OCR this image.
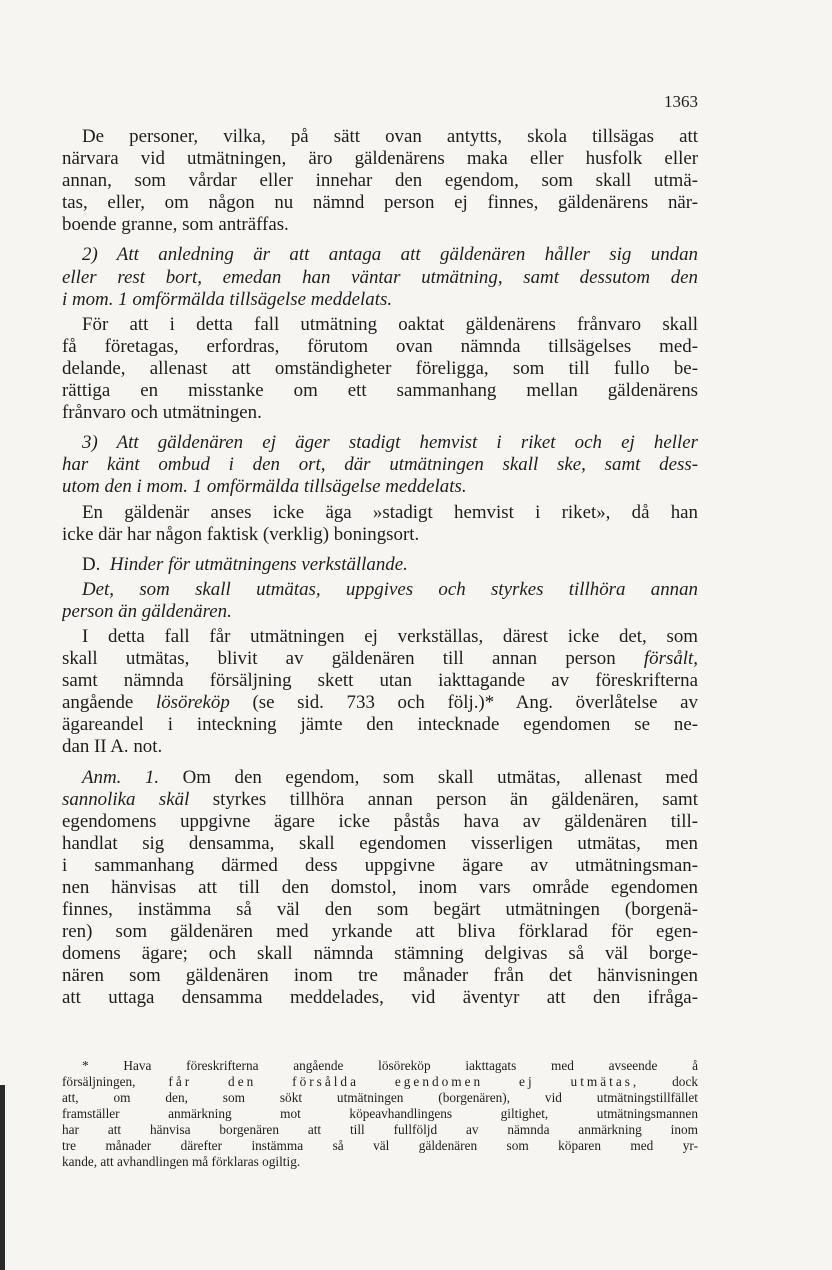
1363
De personer, vilka, på sätt ovan antytts, skola tillsägas att
närvara vid utmätningen, äro gäldenärens maka eller husfolk eller
annan, som vårdar eller innehar den egendom, som skall utmä-
tas, eller, om någon nu nämnd person ej finnes, gäldenärens när-
boende granne, som anträffas.
2) Att anledning är att antaga att gäldenären håller sig undan
eller rest bort, emedan han väntar utmätning, samt dessutom den
i mom. 1 omförmälda tillsägelse meddelats.
För att i detta fall utmätning oaktat gäldenärens frånvaro skall
få företagas, erfordras, förutom ovan nämnda tillsägelses med-
delande, allenast att omständigheter föreligga, som till fullo be-
rättiga en misstanke om ett sammanhang mellan gäldenärens
frånvaro och utmätningen.
3) Att gäldenären ej äger stadigt hemvist i riket och ej heller
har känt ombud i den ort, där utmätningen skall ske, samt dess-
utom den i mom. 1 omförmälda tillsägelse meddelats.
En gäldenär anses icke äga »stadigt hemvist i riket», då han
icke där har någon faktisk (verklig) boningsort.
D. Hinder för utmätningens verkställande.
Det, som skall utmätas, uppgives och styrkes tillhöra annan
person än gäldenären.
I detta fall får utmätningen ej verkställas, därest icke det, som
skall utmätas, blivit av gäldenären till annan person försålt,
samt nämnda försäljning skett utan iakttagande av föreskrifterna
angående lösöreköp (se sid. 733 och följ.)* Ang. överlåtelse av
ägareandel i inteckning jämte den intecknade egendomen se ne-
dan II A. not.
Anm. 1. Om den egendom, som skall utmätas, allenast med
sannolika skäl styrkes tillhöra annan person än gäldenären, samt
egendomens uppgivne ägare icke påstås hava av gäldenären till-
handlat sig densamma, skall egendomen visserligen utmätas, men
i sammanhang därmed dess uppgivne ägare av utmätningsman-
nen hänvisas att till den domstol, inom vars område egendomen
finnes, instämma så väl den som begärt utmätningen (borgenä-
ren) som gäldenären med yrkande att bliva förklarad för egen-
domens ägare; och skall nämnda stämning delgivas så väl borge-
nären som gäldenären inom tre månader från det hänvisningen
att uttaga densamma meddelades, vid äventyr att den ifråga-
* Hava föreskrifterna angående lösöreköp iakttagats med avseende å
försäljningen, får den försålda egendomen ej utmätas, dock
att, om den, som sökt utmätningen (borgenären), vid utmätningstillfället
framställer anmärkning mot köpeavhandlingens giltighet, utmätningsmannen
har att hänvisa borgenären att till fullföljd av nämnda anmärkning inom
tre månader därefter instämma så väl gäldenären som köparen med yr-
kande, att avhandlingen må förklaras ogiltig.
